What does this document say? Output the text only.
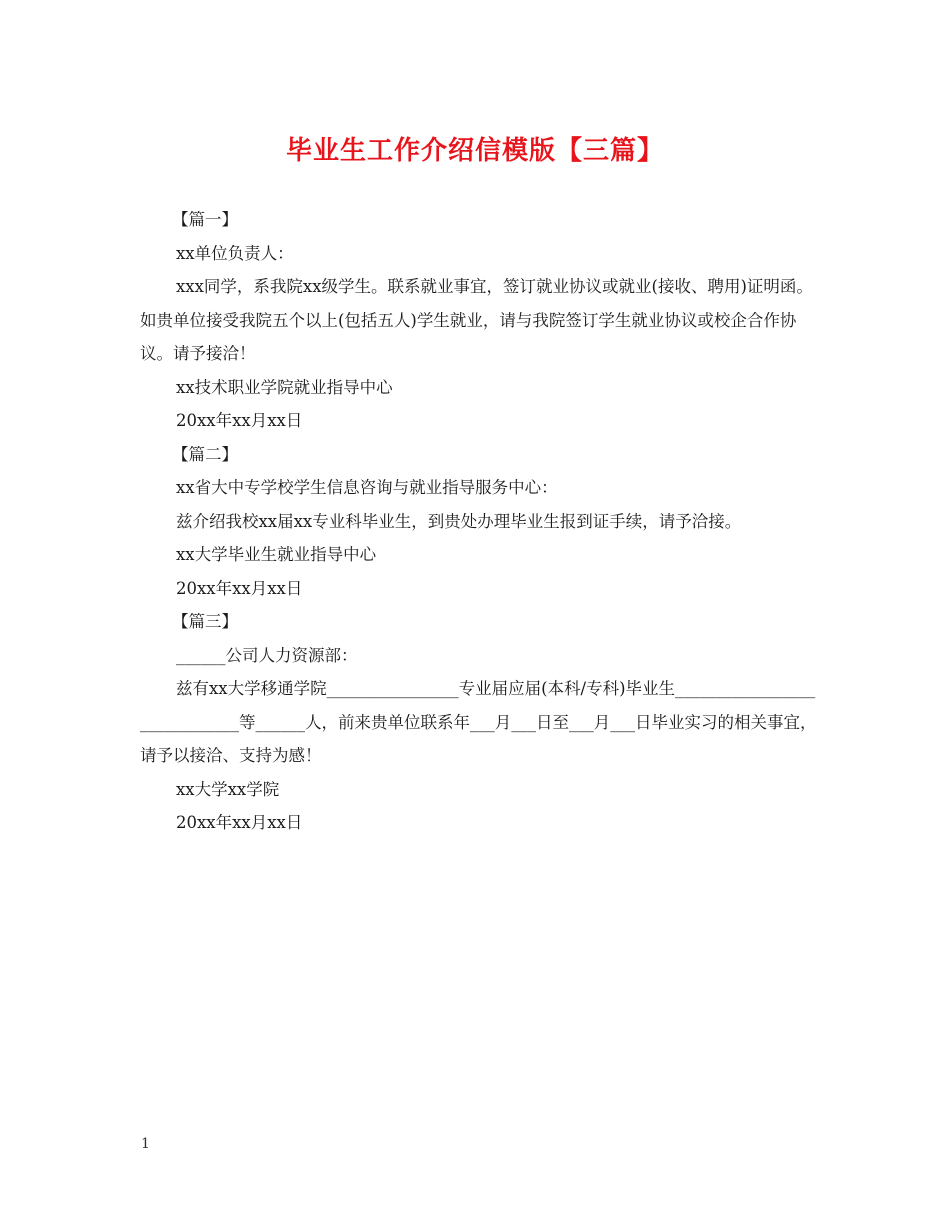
毕业生工作介绍信模版【三篇】

【篇一】

xx单位负责人：

xxx同学，系我院xx级学生。联系就业事宜，签订就业协议或就业(接收、聘用)证明函。如贵单位接受我院五个以上(包括五人)学生就业，请与我院签订学生就业协议或校企合作协议。请予接洽！

xx技术职业学院就业指导中心

20xx年xx月xx日

【篇二】

xx省大中专学校学生信息咨询与就业指导服务中心：

兹介绍我校xx届xx专业科毕业生，到贵处办理毕业生报到证手续，请予洽接。

xx大学毕业生就业指导中心

20xx年xx月xx日

【篇三】

______公司人力资源部：

兹有xx大学移通学院________________专业届应届(本科/专科)毕业生_____________________________等______人，前来贵单位联系年___月___日至___月___日毕业实习的相关事宜，请予以接洽、支持为感！

xx大学xx学院

20xx年xx月xx日

1
